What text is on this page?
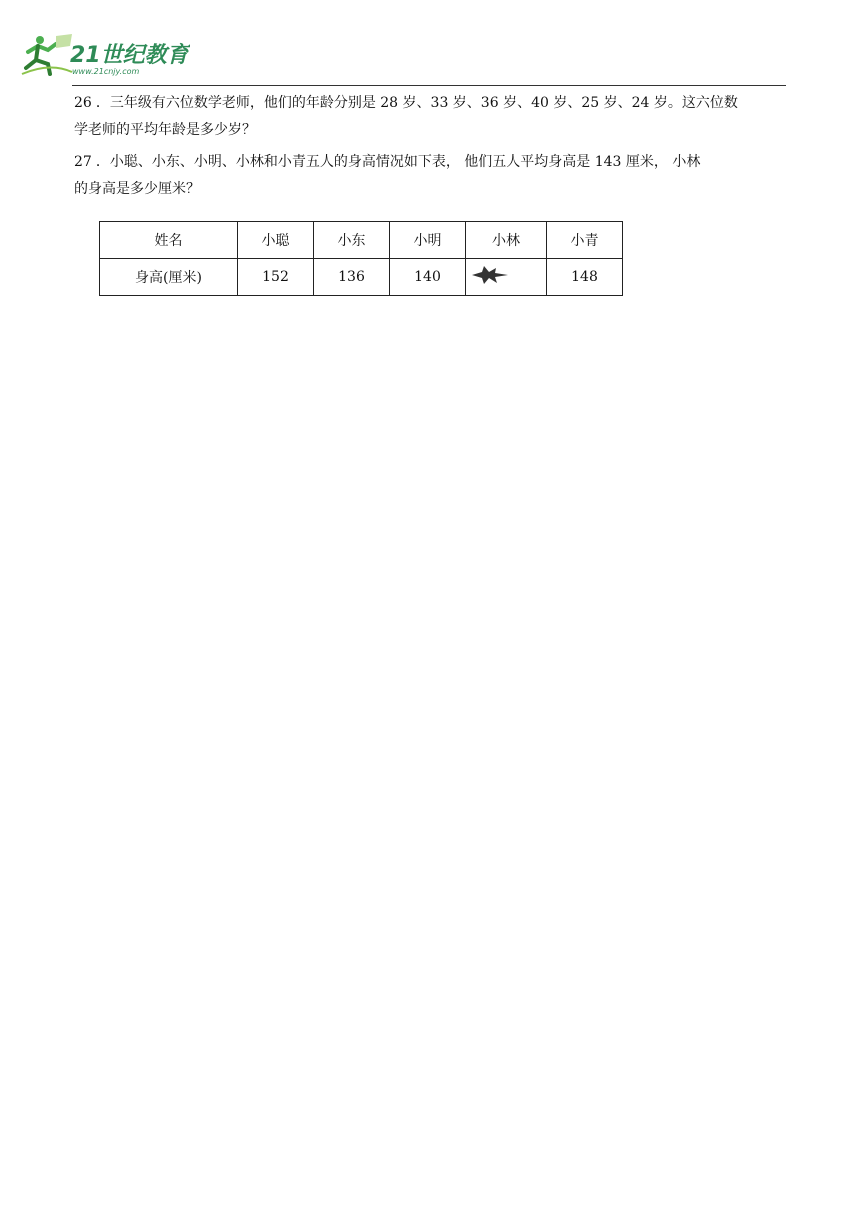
21世纪教育
www.21cnjy.com

26 ．三年级有六位数学老师，他们的年龄分别是 28 岁、33 岁、36 岁、40 岁、25 岁、24 岁。这六位数
学老师的平均年龄是多少岁？

27 ．小聪、小东、小明、小林和小青五人的身高情况如下表， 他们五人平均身高是 143 厘米， 小林
的身高是多少厘米？

姓名	小聪	小东	小明	小林	小青
身高(厘米)	152	136	140		148
